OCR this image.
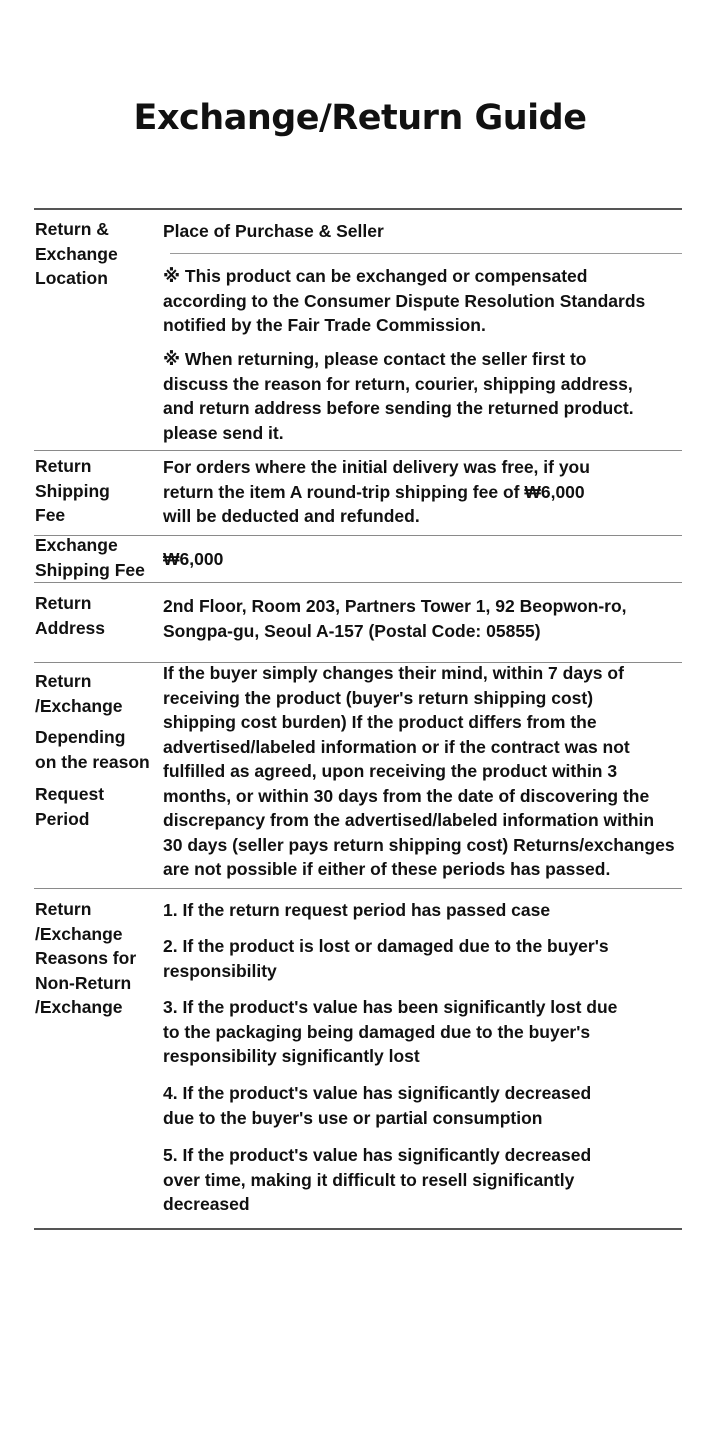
Exchange/Return Guide

Return &
Exchange
Location

Place of Purchase & Seller

※ This product can be exchanged or compensated
according to the Consumer Dispute Resolution Standards
notified by the Fair Trade Commission.

※ When returning, please contact the seller first to
discuss the reason for return, courier, shipping address,
and return address before sending the returned product.
please send it.

Return
Shipping
Fee

For orders where the initial delivery was free, if you
return the item A round-trip shipping fee of ₩6,000
will be deducted and refunded.

Exchange
Shipping Fee

₩6,000

Return
Address

2nd Floor, Room 203, Partners Tower 1, 92 Beopwon-ro,
Songpa-gu, Seoul A-157 (Postal Code: 05855)

Return
/Exchange

Depending
on the reason

Request
Period

If the buyer simply changes their mind, within 7 days of
receiving the product (buyer's return shipping cost)
shipping cost burden) If the product differs from the
advertised/labeled information or if the contract was not
fulfilled as agreed, upon receiving the product within 3
months, or within 30 days from the date of discovering the
discrepancy from the advertised/labeled information within
30 days (seller pays return shipping cost) Returns/exchanges
are not possible if either of these periods has passed.

Return
/Exchange
Reasons for
Non-Return
/Exchange

1. If the return request period has passed case

2. If the product is lost or damaged due to the buyer's
responsibility

3. If the product's value has been significantly lost due
to the packaging being damaged due to the buyer's
responsibility significantly lost

4. If the product's value has significantly decreased
due to the buyer's use or partial consumption

5. If the product's value has significantly decreased
over time, making it difficult to resell significantly
decreased
